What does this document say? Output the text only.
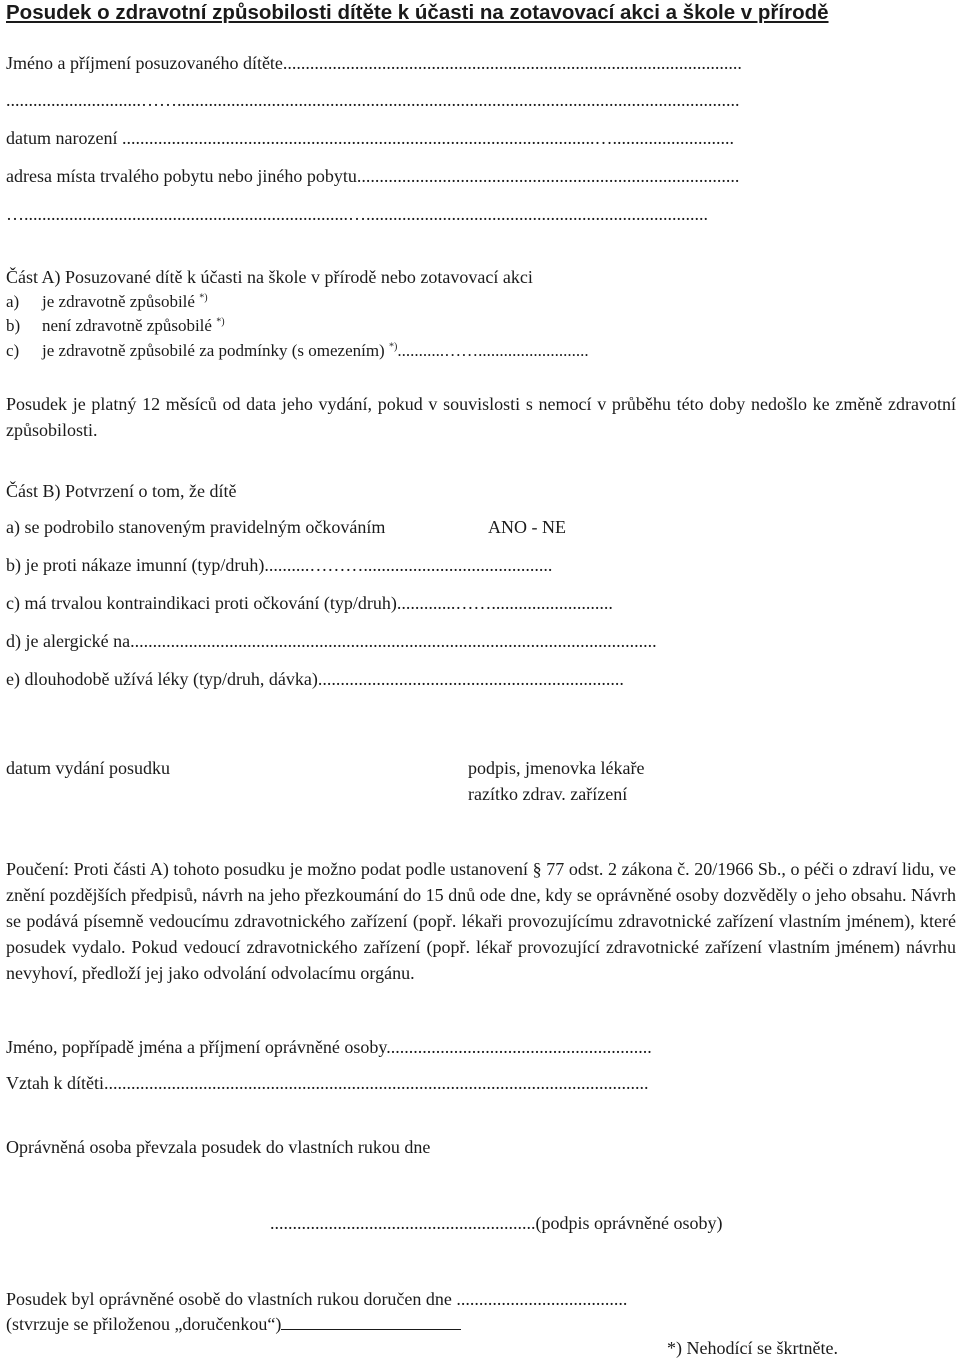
Posudek o zdravotní způsobilosti dítěte k účasti na zotavovací akci a škole v přírodě
Jméno a příjmení posuzovaného dítěte......................................................................................................
..............................…….............................................................................................................................
datum narození .........................................................................................................…...........................
adresa místa trvalého pobytu nebo jiného pobytu.....................................................................................
…........................................................................…............................................................................
Část A) Posuzované dítě k účasti na škole v přírodě nebo zotavovací akci
a) je zdravotně způsobilé *)
b) není zdravotně způsobilé *)
c) je zdravotně způsobilé za podmínky (s omezením) *)...........……..........................
Posudek je platný 12 měsíců od data jeho vydání, pokud v souvislosti s nemocí v průběhu této doby nedošlo ke změně zdravotní způsobilosti.
Část B) Potvrzení o tom, že dítě
a) se podrobilo stanoveným pravidelným očkováním	ANO - NE
b) je proti nákaze imunní (typ/druh)..........………..........................................
c) má trvalou kontraindikaci proti očkování (typ/druh).............……...........................
d) je alergické na.....................................................................................................................
e) dlouhodobě užívá léky (typ/druh, dávka)....................................................................
datum vydání posudku	podpis, jmenovka lékaře
razítko zdrav. zařízení
Poučení: Proti části A) tohoto posudku je možno podat podle ustanovení § 77 odst. 2 zákona č. 20/1966 Sb., o péči o zdraví lidu, ve znění pozdějších předpisů, návrh na jeho přezkoumání do 15 dnů ode dne, kdy se oprávněné osoby dozvěděly o jeho obsahu. Návrh se podává písemně vedoucímu zdravotnického zařízení (popř. lékaři provozujícímu zdravotnické zařízení vlastním jménem), které posudek vydalo. Pokud vedoucí zdravotnického zařízení (popř. lékař provozující zdravotnické zařízení vlastním jménem) návrhu nevyhoví, předloží jej jako odvolání odvolacímu orgánu.
Jméno, popřípadě jména a příjmení oprávněné osoby...........................................................
Vztah k dítěti.........................................................................................................................
Oprávněná osoba převzala posudek do vlastních rukou dne
...........................................................(podpis oprávněné osoby)
Posudek byl oprávněné osobě do vlastních rukou doručen dne ......................................
(stvrzuje se přiloženou „doručenkou“)
*) Nehodící se škrtněte.
